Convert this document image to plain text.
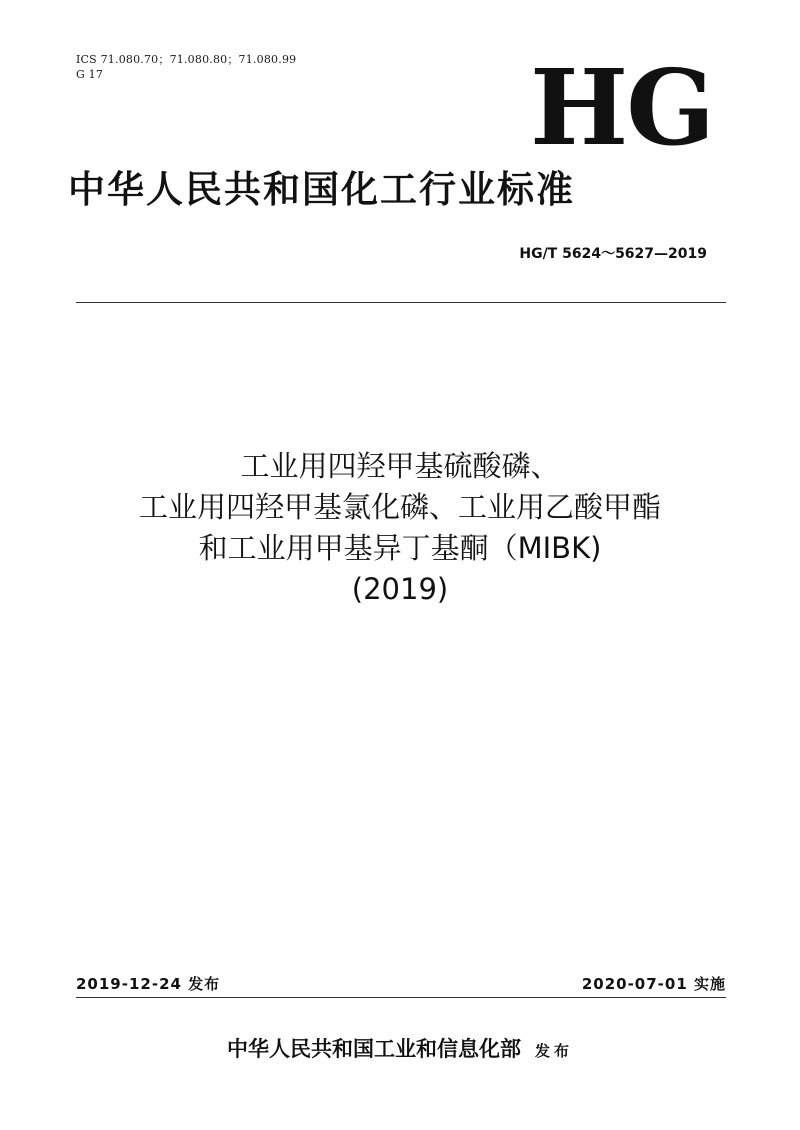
ICS 71.080.70；71.080.80；71.080.99
G 17	HG
中华人民共和国化工行业标准
HG/T 5624～5627—2019
工业用四羟甲基硫酸磷、
工业用四羟甲基氯化磷、工业用乙酸甲酯
和工业用甲基异丁基酮（MIBK)
(2019)
2019-12-24 发布	2020-07-01 实施
中华人民共和国工业和信息化部 发布
